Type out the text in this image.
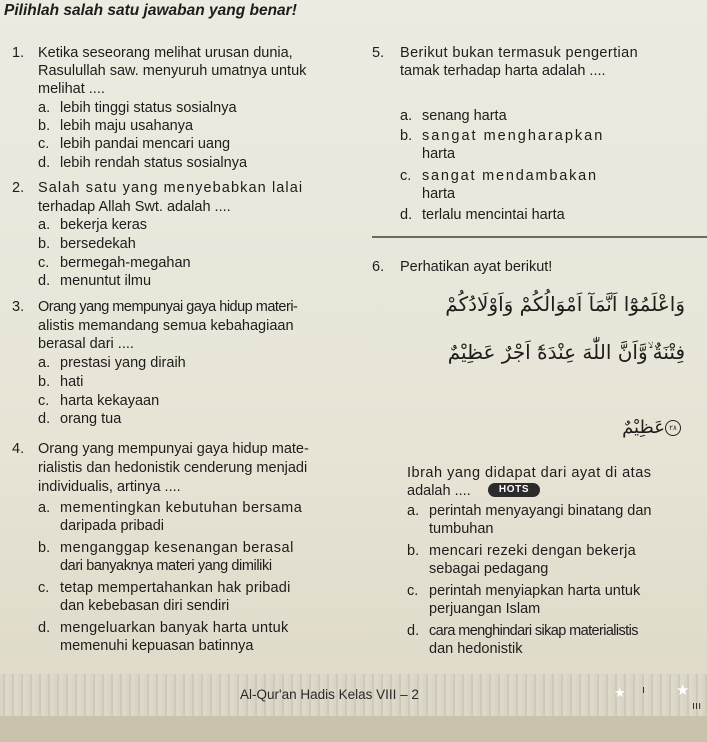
Pilihlah salah satu jawaban yang benar!
1. Ketika seseorang melihat urusan dunia,
Rasulullah saw. menyuruh umatnya untuk
melihat ....
a. lebih tinggi status sosialnya
b. lebih maju usahanya
c. lebih pandai mencari uang
d. lebih rendah status sosialnya
2. Salah satu yang menyebabkan lalai
terhadap Allah Swt. adalah ....
a. bekerja keras
b. bersedekah
c. bermegah-megahan
d. menuntut ilmu
3. Orang yang mempunyai gaya hidup materi-
alistis memandang semua kebahagiaan
berasal dari ....
a. prestasi yang diraih
b. hati
c. harta kekayaan
d. orang tua
4. Orang yang mempunyai gaya hidup mate-
rialistis dan hedonistik cenderung menjadi
individualis, artinya ....
a. mementingkan kebutuhan bersama
daripada pribadi
b. menganggap kesenangan berasal
dari banyaknya materi yang dimiliki
c. tetap mempertahankan hak pribadi
dan kebebasan diri sendiri
d. mengeluarkan banyak harta untuk
memenuhi kepuasan batinnya
5. Berikut bukan termasuk pengertian
tamak terhadap harta adalah ....
a. senang harta
b. sangat mengharapkan
harta
c. sangat mendambakan
harta
d. terlalu mencintai harta
6. Perhatikan ayat berikut!
وَاعْلَمُوْٓا اَنَّمَآ اَمْوَالُكُمْ وَاَوْلَادُكُمْ
فِتْنَةٌ ۙوَّاَنَّ اللّٰهَ عِنْدَهٗٓ اَجْرٌ عَظِيْمٌ
٢٨عَظِيْمٌ
Ibrah yang didapat dari ayat di atas
adalah ....	HOTS
a. perintah menyayangi binatang dan
tumbuhan
b. mencari rezeki dengan bekerja
sebagai pedagang
c. perintah menyiapkan harta untuk
perjuangan Islam
d. cara menghindari sikap materialistis
dan hedonistik
Al-Qur'an Hadis Kelas VIII – 2	★	★
ı
ııı
